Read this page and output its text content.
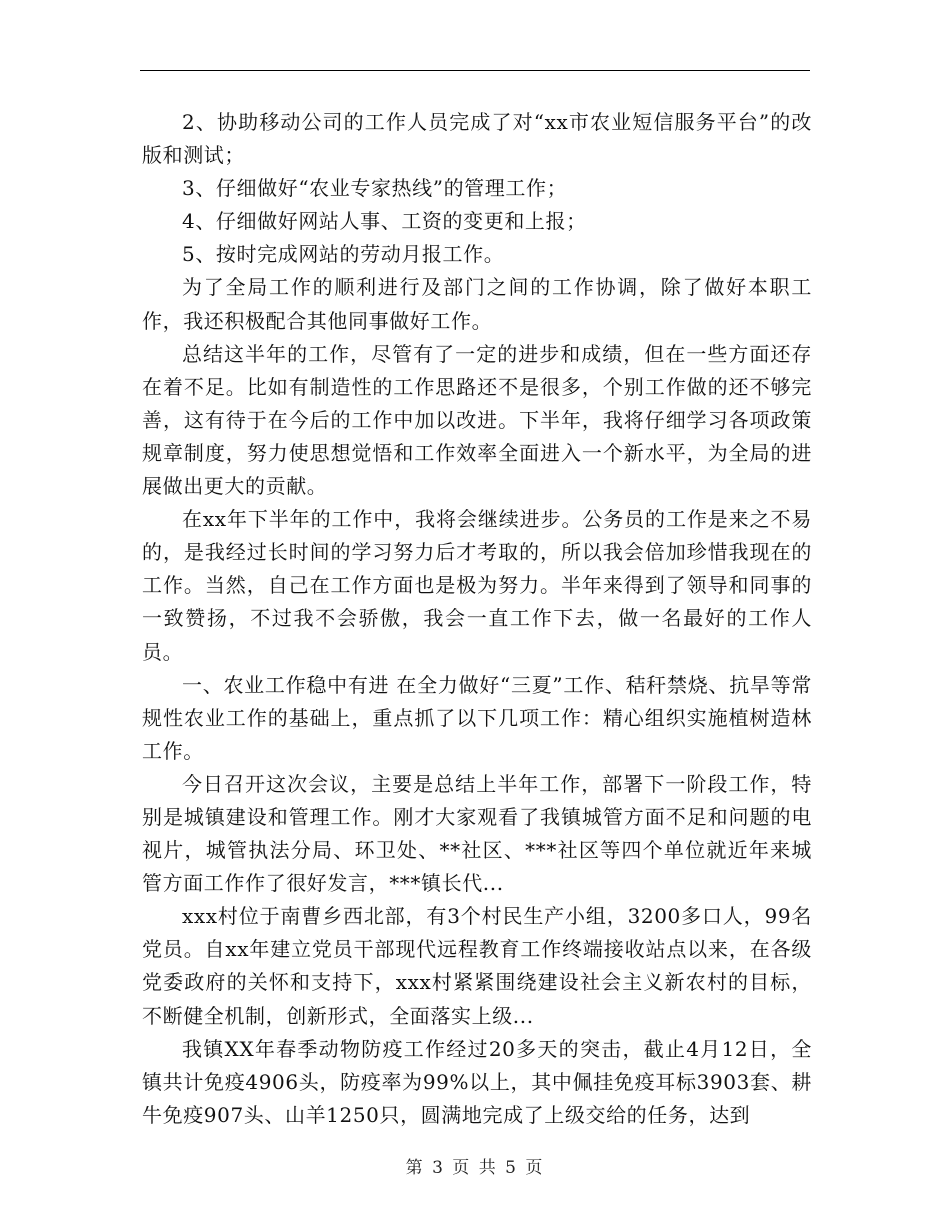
2、协助移动公司的工作人员完成了对“xx市农业短信服务平台”的改版和测试；

3、仔细做好“农业专家热线”的管理工作；

4、仔细做好网站人事、工资的变更和上报；

5、按时完成网站的劳动月报工作。

为了全局工作的顺利进行及部门之间的工作协调，除了做好本职工作，我还积极配合其他同事做好工作。

总结这半年的工作，尽管有了一定的进步和成绩，但在一些方面还存在着不足。比如有制造性的工作思路还不是很多，个别工作做的还不够完善，这有待于在今后的工作中加以改进。下半年，我将仔细学习各项政策规章制度，努力使思想觉悟和工作效率全面进入一个新水平，为全局的进展做出更大的贡献。

在xx年下半年的工作中，我将会继续进步。公务员的工作是来之不易的，是我经过长时间的学习努力后才考取的，所以我会倍加珍惜我现在的工作。当然，自己在工作方面也是极为努力。半年来得到了领导和同事的一致赞扬，不过我不会骄傲，我会一直工作下去，做一名最好的工作人员。

一、农业工作稳中有进 在全力做好“三夏”工作、秸秆禁烧、抗旱等常规性农业工作的基础上，重点抓了以下几项工作：精心组织实施植树造林工作。

今日召开这次会议，主要是总结上半年工作，部署下一阶段工作，特别是城镇建设和管理工作。刚才大家观看了我镇城管方面不足和问题的电视片，城管执法分局、环卫处、**社区、***社区等四个单位就近年来城管方面工作作了很好发言，***镇长代...

xxx村位于南曹乡西北部，有3个村民生产小组，3200多口人，99名党员。自xx年建立党员干部现代远程教育工作终端接收站点以来，在各级党委政府的关怀和支持下，xxx村紧紧围绕建设社会主义新农村的目标，不断健全机制，创新形式，全面落实上级...

我镇XX年春季动物防疫工作经过20多天的突击，截止4月12日，全镇共计免疫4906头，防疫率为99%以上，其中佩挂免疫耳标3903套、耕牛免疫907头、山羊1250只，圆满地完成了上级交给的任务，达到

第 3 页 共 5 页
